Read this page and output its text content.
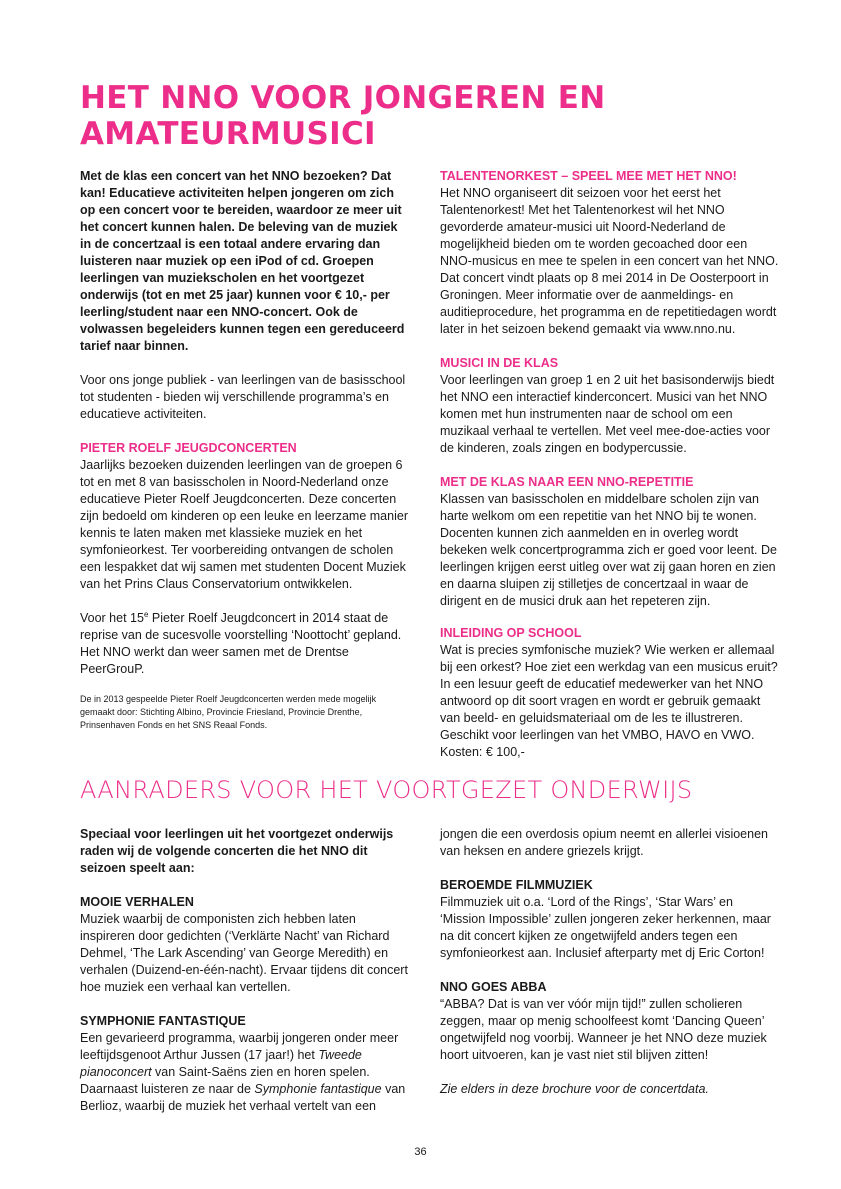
HET NNO VOOR JONGEREN EN AMATEURMUSICI

Met de klas een concert van het NNO bezoeken? Dat kan! Educatieve activiteiten helpen jongeren om zich op een concert voor te bereiden, waardoor ze meer uit het concert kunnen halen. De beleving van de muziek in de concertzaal is een totaal andere ervaring dan luisteren naar muziek op een iPod of cd. Groepen leerlingen van muziekscholen en het voortgezet onderwijs (tot en met 25 jaar) kunnen voor € 10,- per leerling/student naar een NNO-concert. Ook de volwassen begeleiders kunnen tegen een gereduceerd tarief naar binnen.

Voor ons jonge publiek - van leerlingen van de basisschool tot studenten - bieden wij verschillende programma’s en educatieve activiteiten.

PIETER ROELF JEUGDCONCERTEN

Jaarlijks bezoeken duizenden leerlingen van de groepen 6 tot en met 8 van basisscholen in Noord-Nederland onze educatieve Pieter Roelf Jeugdconcerten. Deze concerten zijn bedoeld om kinderen op een leuke en leerzame manier kennis te laten maken met klassieke muziek en het symfonieorkest. Ter voorbereiding ontvangen de scholen een lespakket dat wij samen met studenten Docent Muziek van het Prins Claus Conservatorium ontwikkelen.

Voor het 15e Pieter Roelf Jeugdconcert in 2014 staat de reprise van de sucesvolle voorstelling ‘Noottocht’ gepland. Het NNO werkt dan weer samen met de Drentse PeerGrouP.

De in 2013 gespeelde Pieter Roelf Jeugdconcerten werden mede mogelijk gemaakt door: Stichting Albino, Provincie Friesland, Provincie Drenthe, Prinsenhaven Fonds en het SNS Reaal Fonds.

TALENTENORKEST – SPEEL MEE MET HET NNO!

Het NNO organiseert dit seizoen voor het eerst het Talentenorkest! Met het Talentenorkest wil het NNO gevorderde amateur-musici uit Noord-Nederland de mogelijkheid bieden om te worden gecoached door een NNO-musicus en mee te spelen in een concert van het NNO. Dat concert vindt plaats op 8 mei 2014 in De Oosterpoort in Groningen. Meer informatie over de aanmeldings- en auditieprocedure, het programma en de repetitiedagen wordt later in het seizoen bekend gemaakt via www.nno.nu.

MUSICI IN DE KLAS

Voor leerlingen van groep 1 en 2 uit het basisonderwijs biedt het NNO een interactief kinderconcert. Musici van het NNO komen met hun instrumenten naar de school om een muzikaal verhaal te vertellen. Met veel mee-doe-acties voor de kinderen, zoals zingen en bodypercussie.

MET DE KLAS NAAR EEN NNO-REPETITIE

Klassen van basisscholen en middelbare scholen zijn van harte welkom om een repetitie van het NNO bij te wonen. Docenten kunnen zich aanmelden en in overleg wordt bekeken welk concertprogramma zich er goed voor leent. De leerlingen krijgen eerst uitleg over wat zij gaan horen en zien en daarna sluipen zij stilletjes de concertzaal in waar de dirigent en de musici druk aan het repeteren zijn.

INLEIDING OP SCHOOL

Wat is precies symfonische muziek? Wie werken er allemaal bij een orkest? Hoe ziet een werkdag van een musicus eruit? In een lesuur geeft de educatief medewerker van het NNO antwoord op dit soort vragen en wordt er gebruik gemaakt van beeld- en geluidsmateriaal om de les te illustreren. Geschikt voor leerlingen van het VMBO, HAVO en VWO. Kosten: € 100,-

AANRADERS VOOR HET VOORTGEZET ONDERWIJS

Speciaal voor leerlingen uit het voortgezet onderwijs raden wij de volgende concerten die het NNO dit seizoen speelt aan:

MOOIE VERHALEN

Muziek waarbij de componisten zich hebben laten inspireren door gedichten (‘Verklärte Nacht’ van Richard Dehmel, ‘The Lark Ascending’ van George Meredith) en verhalen (Duizend-en-één-nacht). Ervaar tijdens dit concert hoe muziek een verhaal kan vertellen.

SYMPHONIE FANTASTIQUE

Een gevarieerd programma, waarbij jongeren onder meer leeftijdsgenoot Arthur Jussen (17 jaar!) het Tweede pianoconcert van Saint-Saëns zien en horen spelen. Daarnaast luisteren ze naar de Symphonie fantastique van Berlioz, waarbij de muziek het verhaal vertelt van een

jongen die een overdosis opium neemt en allerlei visioenen van heksen en andere griezels krijgt.

BEROEMDE FILMMUZIEK

Filmmuziek uit o.a. ‘Lord of the Rings’, ‘Star Wars’ en ‘Mission Impossible’ zullen jongeren zeker herkennen, maar na dit concert kijken ze ongetwijfeld anders tegen een symfonieorkest aan. Inclusief afterparty met dj Eric Corton!

NNO GOES ABBA

“ABBA? Dat is van ver vóór mijn tijd!” zullen scholieren zeggen, maar op menig schoolfeest komt ‘Dancing Queen’ ongetwijfeld nog voorbij. Wanneer je het NNO deze muziek hoort uitvoeren, kan je vast niet stil blijven zitten!

Zie elders in deze brochure voor de concertdata.

36
